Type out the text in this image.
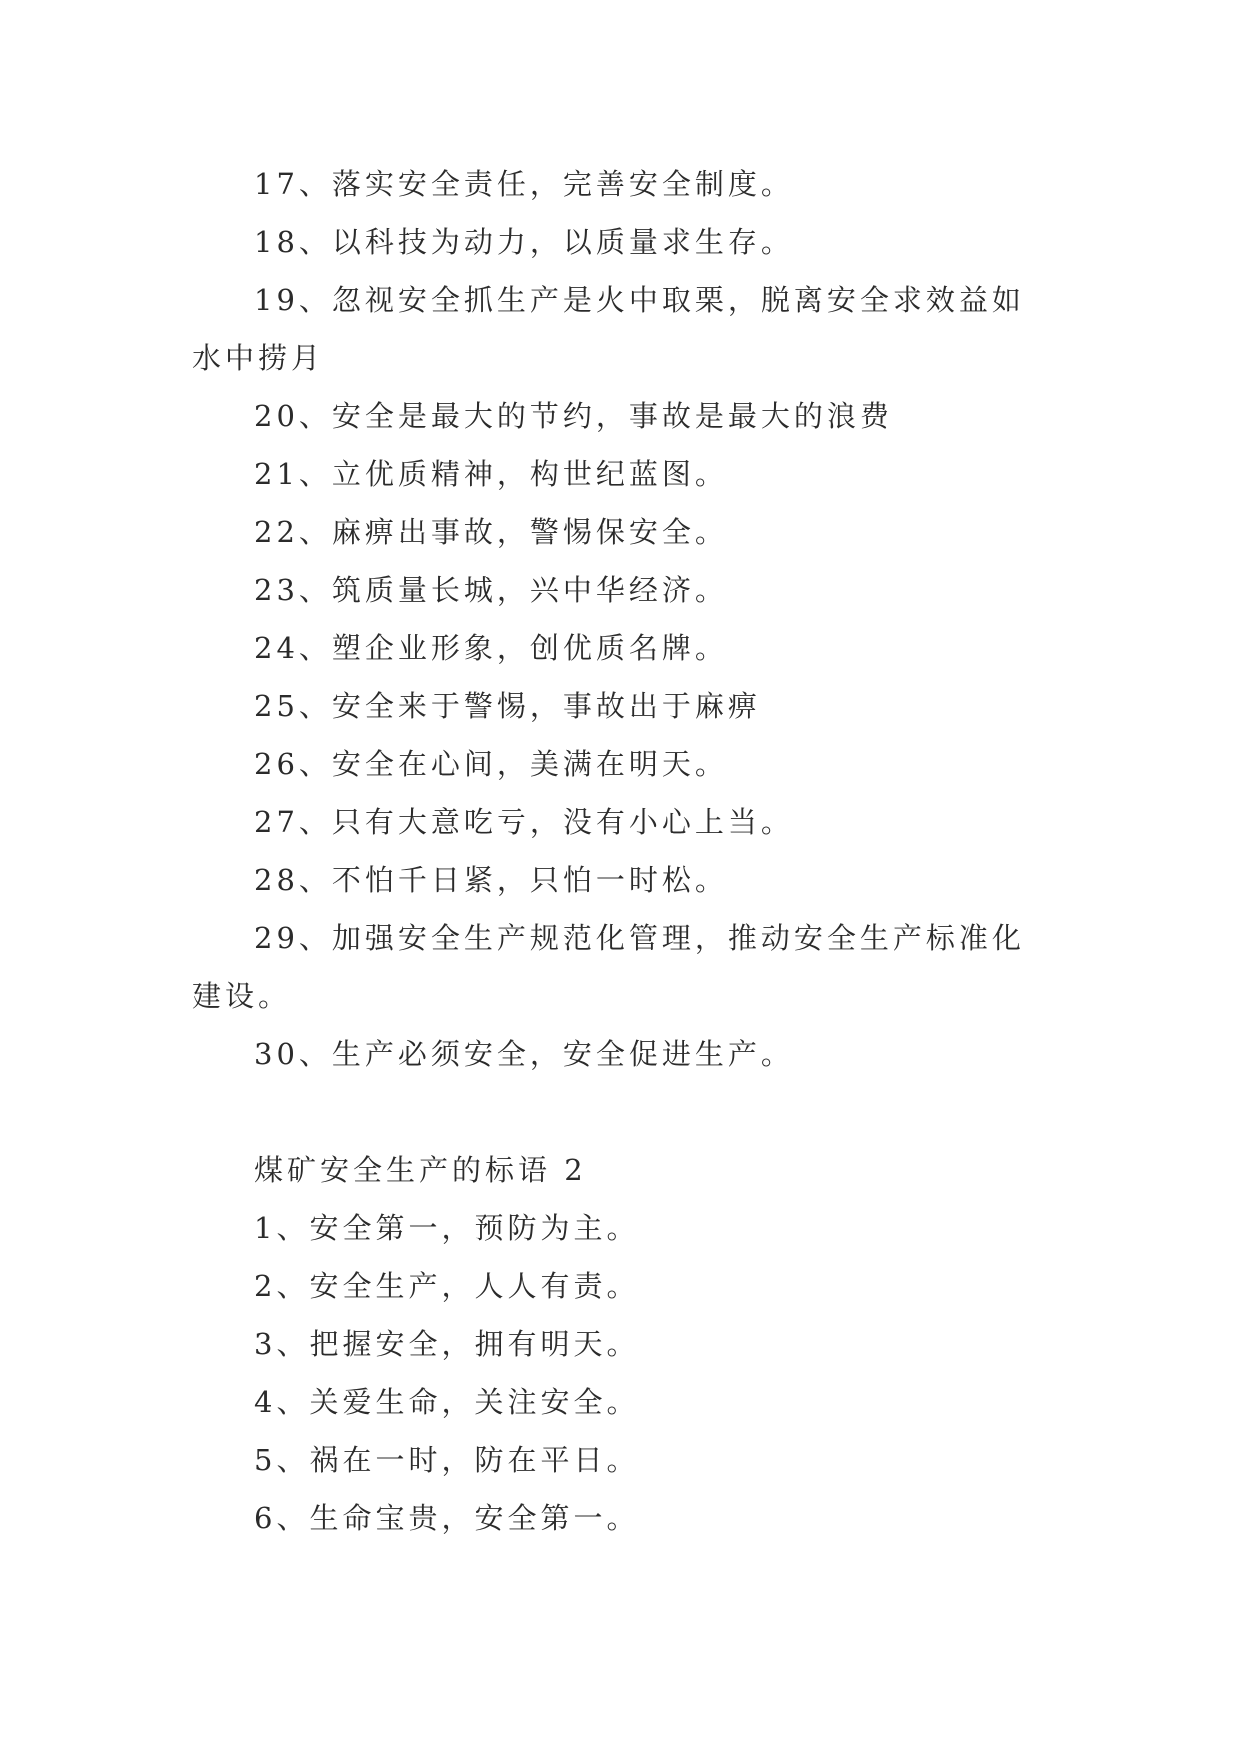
17、落实安全责任，完善安全制度。

18、以科技为动力，以质量求生存。

19、忽视安全抓生产是火中取栗，脱离安全求效益如水中捞月

20、安全是最大的节约，事故是最大的浪费

21、立优质精神，构世纪蓝图。

22、麻痹出事故，警惕保安全。

23、筑质量长城，兴中华经济。

24、塑企业形象，创优质名牌。

25、安全来于警惕，事故出于麻痹

26、安全在心间，美满在明天。

27、只有大意吃亏，没有小心上当。

28、不怕千日紧，只怕一时松。

29、加强安全生产规范化管理，推动安全生产标准化建设。

30、生产必须安全，安全促进生产。

煤矿安全生产的标语 2

1、安全第一，预防为主。

2、安全生产，人人有责。

3、把握安全，拥有明天。

4、关爱生命，关注安全。

5、祸在一时，防在平日。

6、生命宝贵，安全第一。
